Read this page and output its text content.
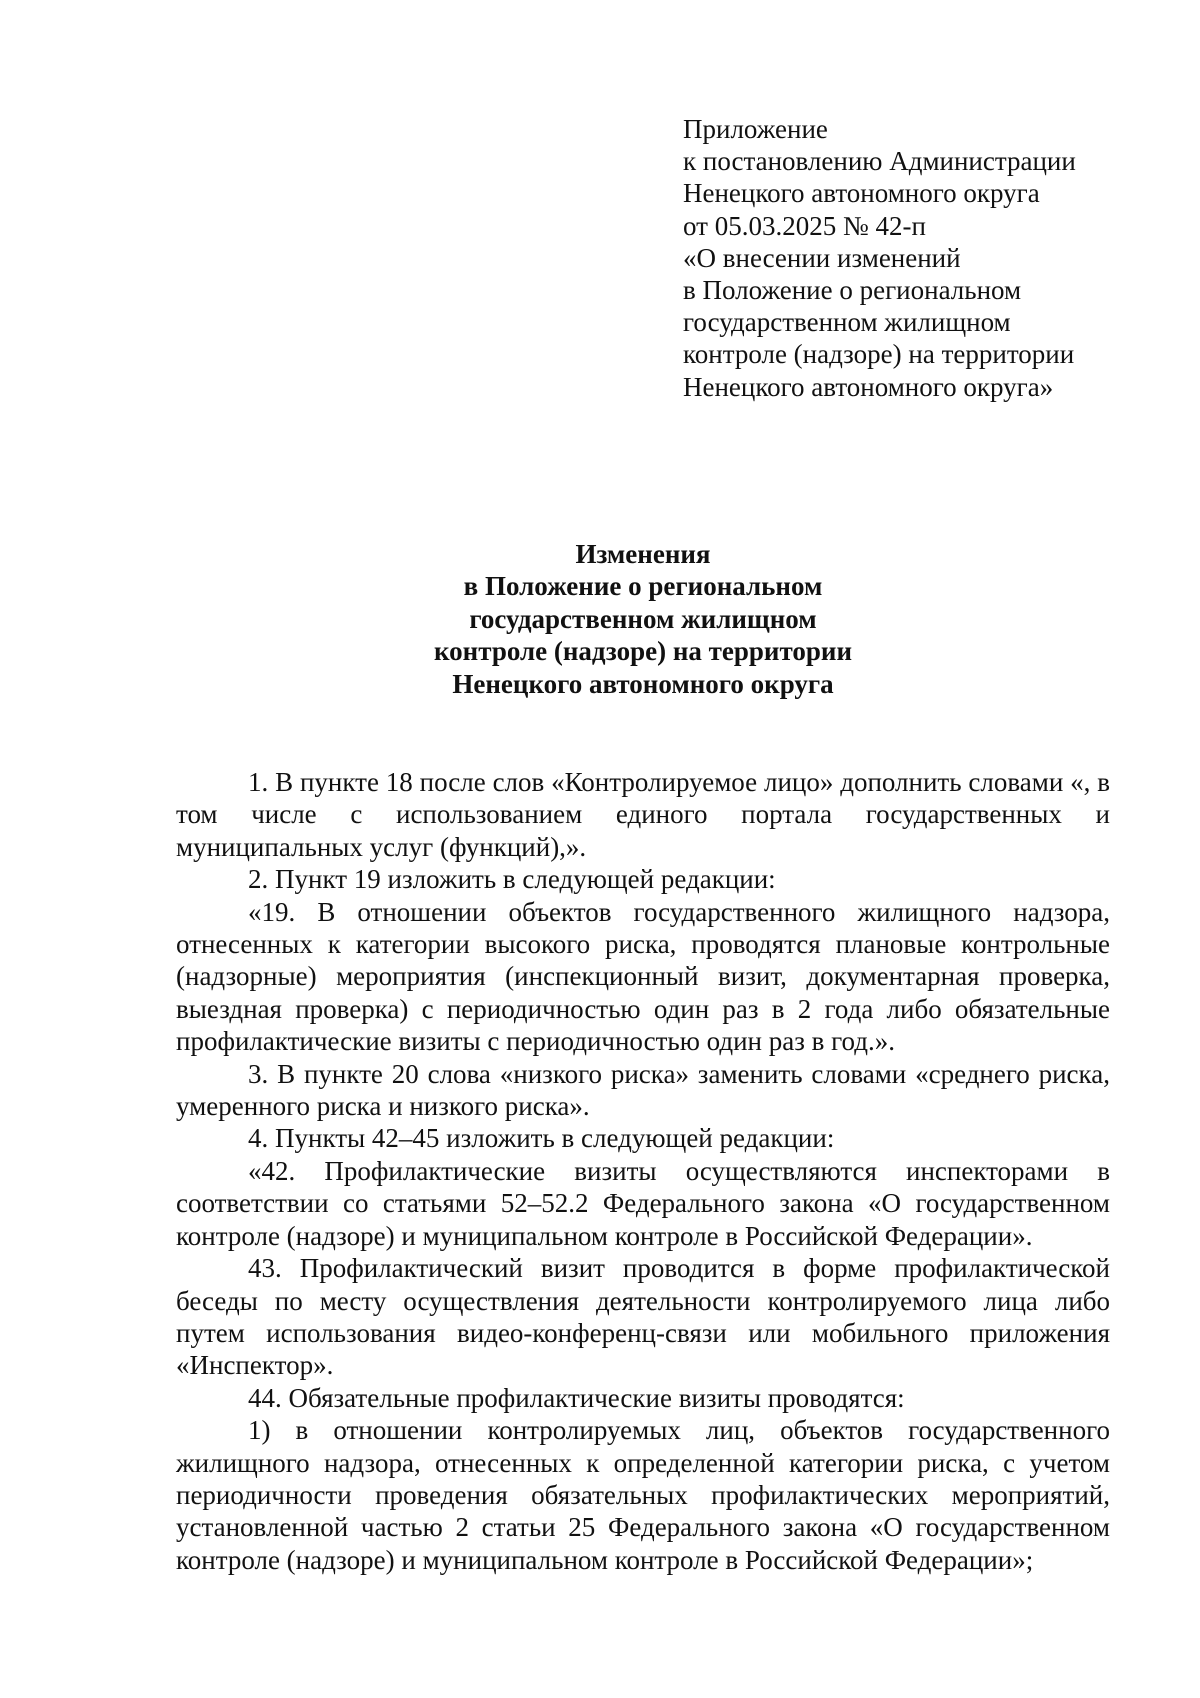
Приложение
к постановлению Администрации
Ненецкого автономного округа
от 05.03.2025 № 42-п
«О внесении изменений
в Положение о региональном
государственном жилищном
контроле (надзоре) на территории
Ненецкого автономного округа»
Изменения
в Положение о региональном
государственном жилищном
контроле (надзоре) на территории
Ненецкого автономного округа

1. В пункте 18 после слов «Контролируемое лицо» дополнить словами «, в том числе с использованием единого портала государственных и муниципальных услуг (функций),».

2. Пункт 19 изложить в следующей редакции:

«19. В отношении объектов государственного жилищного надзора, отнесенных к категории высокого риска, проводятся плановые контрольные (надзорные) мероприятия (инспекционный визит, документарная проверка, выездная проверка) с периодичностью один раз в 2 года либо обязательные профилактические визиты с периодичностью один раз в год.».

3. В пункте 20 слова «низкого риска» заменить словами «среднего риска, умеренного риска и низкого риска».

4. Пункты 42–45 изложить в следующей редакции:

«42. Профилактические визиты осуществляются инспекторами в соответствии со статьями 52–52.2 Федерального закона «О государственном контроле (надзоре) и муниципальном контроле в Российской Федерации».

43. Профилактический визит проводится в форме профилактической беседы по месту осуществления деятельности контролируемого лица либо путем использования видео-конференц-связи или мобильного приложения «Инспектор».

44. Обязательные профилактические визиты проводятся:

1) в отношении контролируемых лиц, объектов государственного жилищного надзора, отнесенных к определенной категории риска, с учетом периодичности проведения обязательных профилактических мероприятий, установленной частью 2 статьи 25 Федерального закона «О государственном контроле (надзоре) и муниципальном контроле в Российской Федерации»;
